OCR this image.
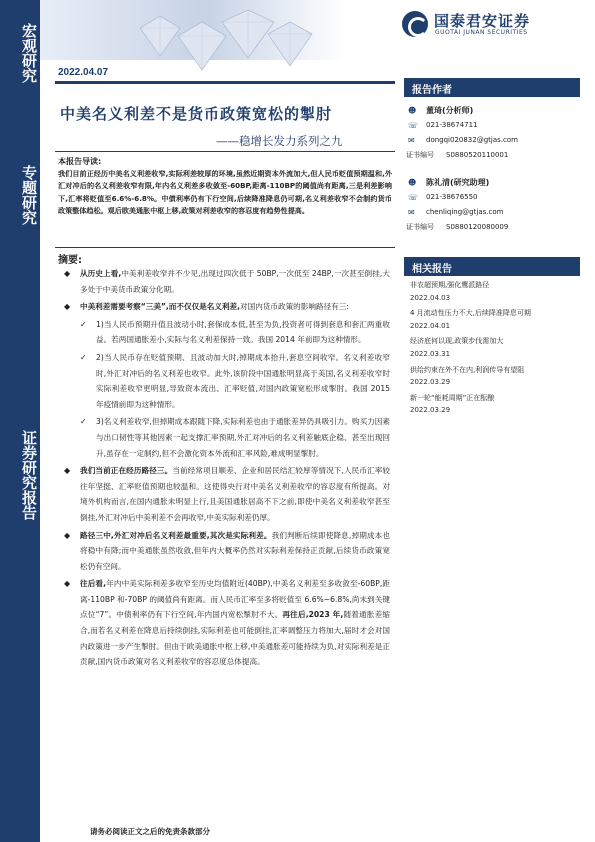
宏观研究
专题研究
证券研究报告
国泰君安证券
GUOTAI JUNAN SECURITIES
2022.04.07
中美名义利差不是货币政策宽松的掣肘
——稳增长发力系列之九
本报告导读:
我们目前正经历中美名义利差收窄,实际利差较厚的环境,虽然近期资本外流加大,但人民币贬值预期温和,外汇对冲后的名义利差收窄有限,年内名义利差多收敛至-60BP,距离-110BP的阈值尚有距离,三是利差影响下,汇率将贬值至6.6%-6.8%。中债利率仍有下行空间,后续降准降息仍可期,名义利差收窄不会制约货币政策整体趋松。观后欧美通胀中枢上移,政策对利差收窄的容忍度有趋势性提高。
摘要:
◆ 从历史上看,中美利差收窄并不少见,出现过四次低于 50BP,一次低至 24BP,一次甚至倒挂,大多处于中美货币政策分化期。
◆ 中美利差需要考察“三美”,而不仅仅是名义利差,对国内货币政策的影响路径有三:
✓ 1)当人民币预期升值且波动小时,套保成本低,甚至为负,投资者可得到套息和套汇两重收益。若两国通胀差小,实际与名义利差保持一致。我国 2014 年前即为这种情形。
✓ 2)当人民币存在贬值预期、且波动加大时,掉期成本抬升,套息空间收窄。名义利差收窄时,外汇对冲后的名义利差也收窄。此外,该阶段中国通胀明显高于美国,名义利差收窄时实际利差收窄更明显,导致资本流出、汇率贬值,对国内政策宽松形成掣肘。我国 2015 年疫情前即为这种情形。
✓ 3)名义利差收窄,但掉期成本跟随下降,实际利差也由于通胀差异仍具吸引力。购买力因素与出口韧性等其他因素一起支撑汇率预期,外汇对冲后的名义利差触底企稳、甚至出现回升,虽存在一定制约,但不会激化资本外流和汇率风险,难成明显掣肘。
◆ 我们当前正在经历路径三。当前经常项目顺差、企业和居民结汇较厚等情况下,人民币汇率较往年坚挺、汇率贬值预期也较温和。这使得央行对中美名义利差收窄的容忍度有所提高。对境外机构而言,在国内通胀未明显上行,且美国通胀居高不下之前,即使中美名义利差收窄甚至倒挂,外汇对冲后中美利差不会再收窄,中美实际利差仍厚。
◆ 路径三中,外汇对冲后名义利差最重要,其次是实际利差。我们判断后续即使降息,掉期成本也将稳中有降;而中美通胀虽然收敛,但年内大概率仍然对实际利差保持正贡献,后续货币政策宽松仍有空间。
◆ 往后看,年内中美实际利差多收窄至历史均值附近(40BP),中美名义利差至多收敛至-60BP,距离-110BP 和-70BP 的阈值尚有距离。而人民币汇率至多将贬值至 6.6%~6.8%,尚未到关键点位“7”。中债利率仍有下行空间,年内国内宽松掣肘不大。再往后,2023 年,随着通胀差缩合,而若名义利差在降息后持续倒挂,实际利差也可能倒挂,汇率调整压力将加大,届时才会对国内政策进一步产生掣肘。但由于欧美通胀中枢上移,中美通胀差可能持续为负,对实际利差是正贡献,国内货币政策对名义利差收窄的容忍度总体提高。
请务必阅读正文之后的免责条款部分
报告作者
☻ 董琦(分析师)
☏ 021-38674711
✉	dongqi020832@gtjas.com
证书编号 S0880520110001
☻ 陈礼清(研究助理)
☏ 021-38676550
✉	chenliqing@gtjas.com
证书编号 S0880120080009
相关报告
非农超预期,强化鹰派路径
2022.04.03
4 月流动性压力不大,后续降准降息可期
2022.04.01
经济底何以现,政策步伐需加大
2022.03.31
供给约束在外不在内,利润传导有望阻
2022.03.29
新一轮“能耗周期”正在酝酿
2022.03.29
